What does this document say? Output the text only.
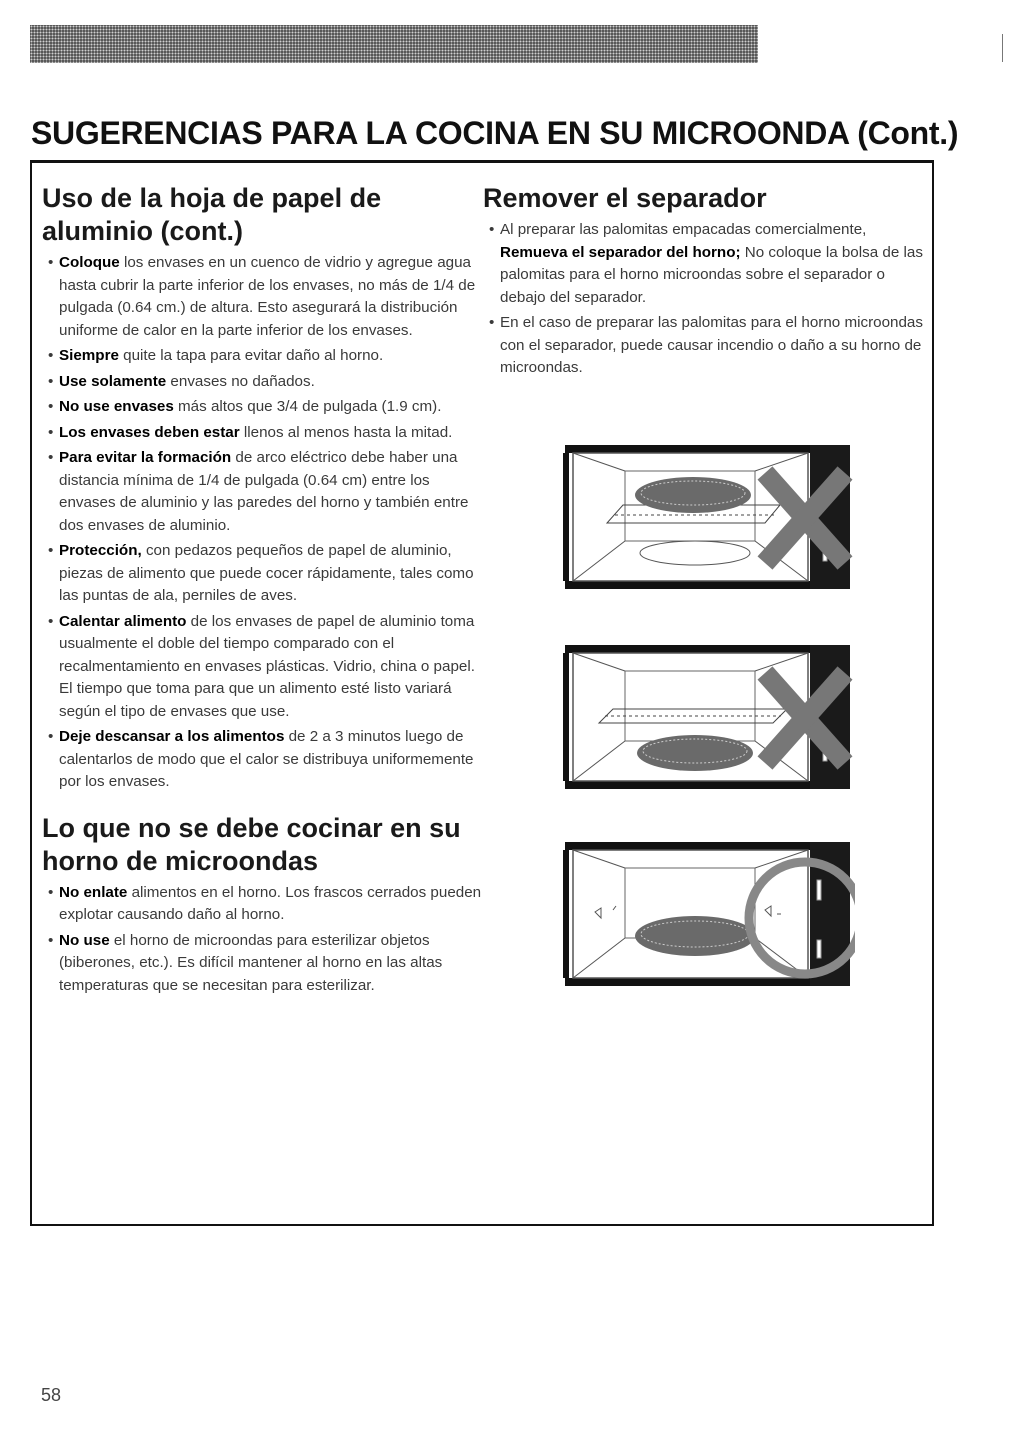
SUGERENCIAS PARA LA COCINA EN SU MICROONDA (Cont.)
Uso de la hoja de papel de aluminio (cont.)
• Coloque los envases en un cuenco de vidrio y agregue agua hasta cubrir la parte inferior de los envases, no más de 1/4 de pulgada (0.64 cm.) de altura. Esto asegurará la distribución uniforme de calor en la parte inferior de los envases.
• Siempre quite la tapa para evitar daño al horno.
• Use solamente envases no dañados.
• No use envases más altos que 3/4 de pulgada (1.9 cm).
• Los envases deben estar llenos al menos hasta la mitad.
• Para evitar la formación de arco eléctrico debe haber una distancia mínima de 1/4 de pulgada (0.64 cm) entre los envases de aluminio y las paredes del horno y también entre dos envases de aluminio.
• Protección, con pedazos pequeños de papel de aluminio, piezas de alimento que puede cocer rápidamente, tales como las puntas de ala, perniles de aves.
• Calentar alimento de los envases de papel de aluminio toma usualmente el doble del tiempo comparado con el recalmentamiento en envases plásticas. Vidrio, china o papel. El tiempo que toma para que un alimento esté listo variará según el tipo de envases que use.
• Deje descansar a los alimentos de 2 a 3 minutos luego de calentarlos de modo que el calor se distribuya uniformemente por los envases.
Lo que no se debe cocinar en su horno de microondas
• No enlate alimentos en el horno. Los frascos cerrados pueden explotar causando daño al horno.
• No use el horno de microondas para esterilizar objetos (biberones, etc.). Es difícil mantener al horno en las altas temperaturas que se necesitan para esterilizar.
Remover el separador
• Al preparar las palomitas empacadas comercialmente, Remueva el separador del horno; No coloque la bolsa de las palomitas para el horno microondas sobre el separador o debajo del separador.
• En el caso de preparar las palomitas para el horno microondas con el separador, puede causar incendio o daño a su horno de microondas.
58
